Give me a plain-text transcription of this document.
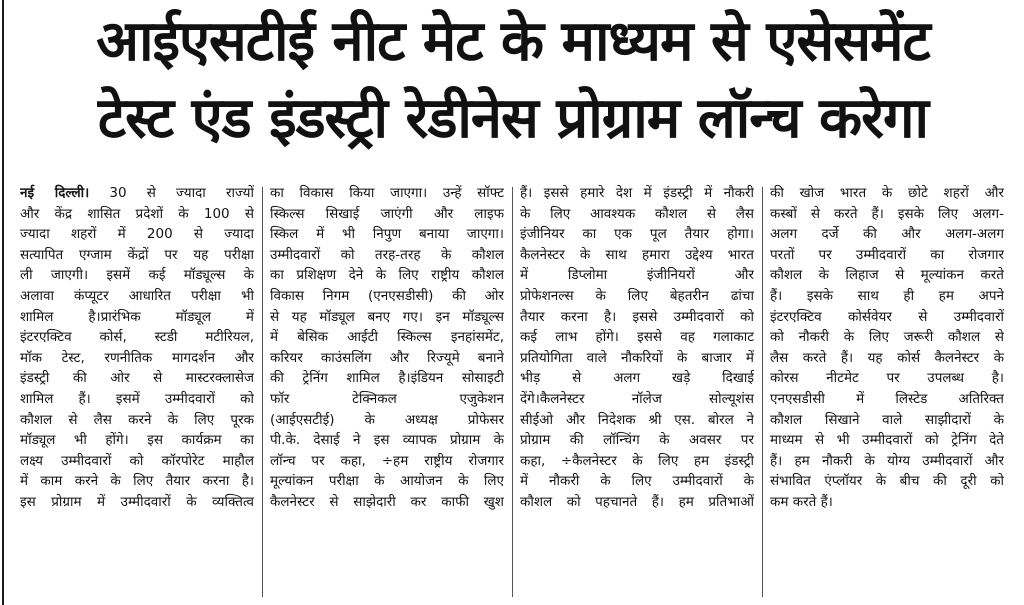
आईएसटीई नीट मेट के माध्यम से एसेसमेंट
टेस्ट एंड इंडस्ट्री रेडीनेस प्रोग्राम लॉन्च करेगा
नई दिल्ली। 30 से ज्यादा राज्यों
और केंद्र शासित प्रदेशों के 100 से
ज्यादा शहरों में 200 से ज्यादा
सत्यापित एग्जाम केंद्रों पर यह परीक्षा
ली जाएगी। इसमें कई मॉड्यूल्स के
अलावा कंप्यूटर आधारित परीक्षा भी
शामिल है।प्रारंभिक मॉड्यूल में
इंटरएक्टिव कोर्स, स्टडी मटीरियल,
मॉक टेस्ट, रणनीतिक मागदर्शन और
इंडस्ट्री की ओर से मास्टरक्लासेज
शामिल हैं। इसमें उम्मीदवारों को
कौशल से लैस करने के लिए पूरक
मॉड्यूल भी होंगे। इस कार्यक्रम का
लक्ष्य उम्मीदवारों को कॉरपोरेट माहौल
में काम करने के लिए तैयार करना है।
इस प्रोग्राम में उम्मीदवारों के व्यक्तित्व
का विकास किया जाएगा। उन्हें सॉफ्ट
स्किल्स सिखाई जाएंगी और लाइफ
स्किल में भी निपुण बनाया जाएगा।
उम्मीदवारों को तरह-तरह के कौशल
का प्रशिक्षण देने के लिए राष्ट्रीय कौशल
विकास निगम (एनएसडीसी) की ओर
से यह मॉड्यूल बनए गए। इन मॉड्यूल्स
में बेसिक आईटी स्किल्स इनहांसमेंट,
करियर काउंसलिंग और रिज्यूमे बनाने
की ट्रेनिंग शामिल है।इंडियन सोसाइटी
फॉर टेक्निकल एजुकेशन
(आईएसटीई) के अध्यक्ष प्रोफेसर
पी.के. देसाई ने इस व्यापक प्रोग्राम के
लॉन्च पर कहा, ÷हम राष्ट्रीय रोजगार
मूल्यांकन परीक्षा के आयोजन के लिए
कैलनेस्टर से साझेदारी कर काफी खुश
हैं। इससे हमारे देश में इंडस्ट्री में नौकरी
के लिए आवश्यक कौशल से लैस
इंजीनियर का एक पूल तैयार होगा।
कैलनेस्टर के साथ हमारा उद्देश्य भारत
में डिप्लोमा इंजीनियरों और
प्रोफेशनल्स के लिए बेहतरीन ढांचा
तैयार करना है। इससे उम्मीदवारों को
कई लाभ होंगे। इससे वह गलाकाट
प्रतियोगिता वाले नौकरियों के बाजार में
भीड़ से अलग खड़े दिखाई
देंगे।कैलनेस्टर नॉलेज सोल्यूशंस
सीईओ और निदेशक श्री एस. बोरल ने
प्रोग्राम की लॉन्चिंग के अवसर पर
कहा, ÷कैलनेस्टर के लिए हम इंडस्ट्री
में नौकरी के लिए उम्मीदवारों के
कौशल को पहचानते हैं। हम प्रतिभाओं
की खोज भारत के छोटे शहरों और
कस्बों से करते हैं। इसके लिए अलग-
अलग दर्जे की और अलग-अलग
परतों पर उम्मीदवारों का रोजगार
कौशल के लिहाज से मूल्यांकन करते
हैं। इसके साथ ही हम अपने
इंटरएक्टिव कोर्सवेयर से उम्मीदवारों
को नौकरी के लिए जरूरी कौशल से
लैस करते हैं। यह कोर्स कैलनेस्टर के
कोरस नीटमेट पर उपलब्ध है।
एनएसडीसी में लिस्टेड अतिरिक्त
कौशल सिखाने वाले साझीदारों के
माध्यम से भी उम्मीदवारों को ट्रेनिंग देते
हैं। हम नौकरी के योग्य उम्मीदवारों और
संभावित एंप्लॉयर के बीच की दूरी को
कम करते हैं।
